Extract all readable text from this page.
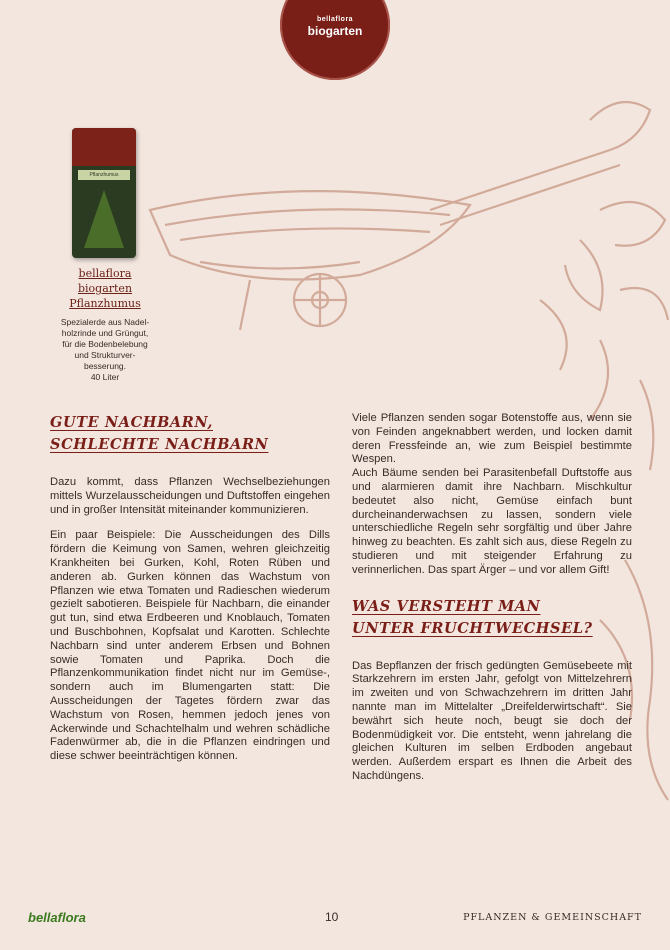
bellaflora
biogarten
Pflanzhumus

bellaflora
biogarten
Pflanzhumus

Spezialerde aus Nadel-
holzrinde und Grüngut,
für die Bodenbelebung
und Strukturver-
besserung.
40 Liter

GUTE NACHBARN,
SCHLECHTE NACHBARN

Dazu kommt, dass Pflanzen Wechselbeziehungen mittels Wurzelausscheidungen und Duftstoffen eingehen und in großer Intensität miteinander kommunizieren.

Ein paar Beispiele: Die Ausscheidungen des Dills fördern die Keimung von Samen, wehren gleichzeitig Krankheiten bei Gurken, Kohl, Roten Rüben und anderen ab. Gurken können das Wachstum von Pflanzen wie etwa Tomaten und Radieschen wiederum gezielt sabotieren. Beispiele für Nachbarn, die einander gut tun, sind etwa Erdbeeren und Knoblauch, Tomaten und Buschbohnen, Kopfsalat und Karotten. Schlechte Nachbarn sind unter anderem Erbsen und Bohnen sowie Tomaten und Paprika. Doch die Pflanzenkommunikation findet nicht nur im Gemüse-, sondern auch im Blumengarten statt: Die Ausscheidungen der Tagetes fördern zwar das Wachstum von Rosen, hemmen jedoch jenes von Ackerwinde und Schachtelhalm und wehren schädliche Fadenwürmer ab, die in die Pflanzen eindringen und diese schwer beeinträchtigen können.

Viele Pflanzen senden sogar Botenstoffe aus, wenn sie von Feinden angeknabbert werden, und locken damit deren Fressfeinde an, wie zum Beispiel bestimmte Wespen.

Auch Bäume senden bei Parasitenbefall Duftstoffe aus und alarmieren damit ihre Nachbarn. Mischkultur bedeutet also nicht, Gemüse einfach bunt durcheinanderwachsen zu lassen, sondern viele unterschiedliche Regeln sehr sorgfältig und über Jahre hinweg zu beachten. Es zahlt sich aus, diese Regeln zu studieren und mit steigender Erfahrung zu verinnerlichen. Das spart Ärger – und vor allem Gift!

WAS VERSTEHT MAN
UNTER FRUCHTWECHSEL?

Das Bepflanzen der frisch gedüngten Gemüsebeete mit Starkzehrern im ersten Jahr, gefolgt von Mittelzehrern im zweiten und von Schwachzehrern im dritten Jahr nannte man im Mittelalter „Dreifelderwirtschaft“. Sie bewährt sich heute noch, beugt sie doch der Bodenmüdigkeit vor. Die entsteht, wenn jahrelang die gleichen Kulturen im selben Erdboden angebaut werden. Außerdem erspart es Ihnen die Arbeit des Nachdüngens.

bellaflora	10	PFLANZEN & GEMEINSCHAFT
